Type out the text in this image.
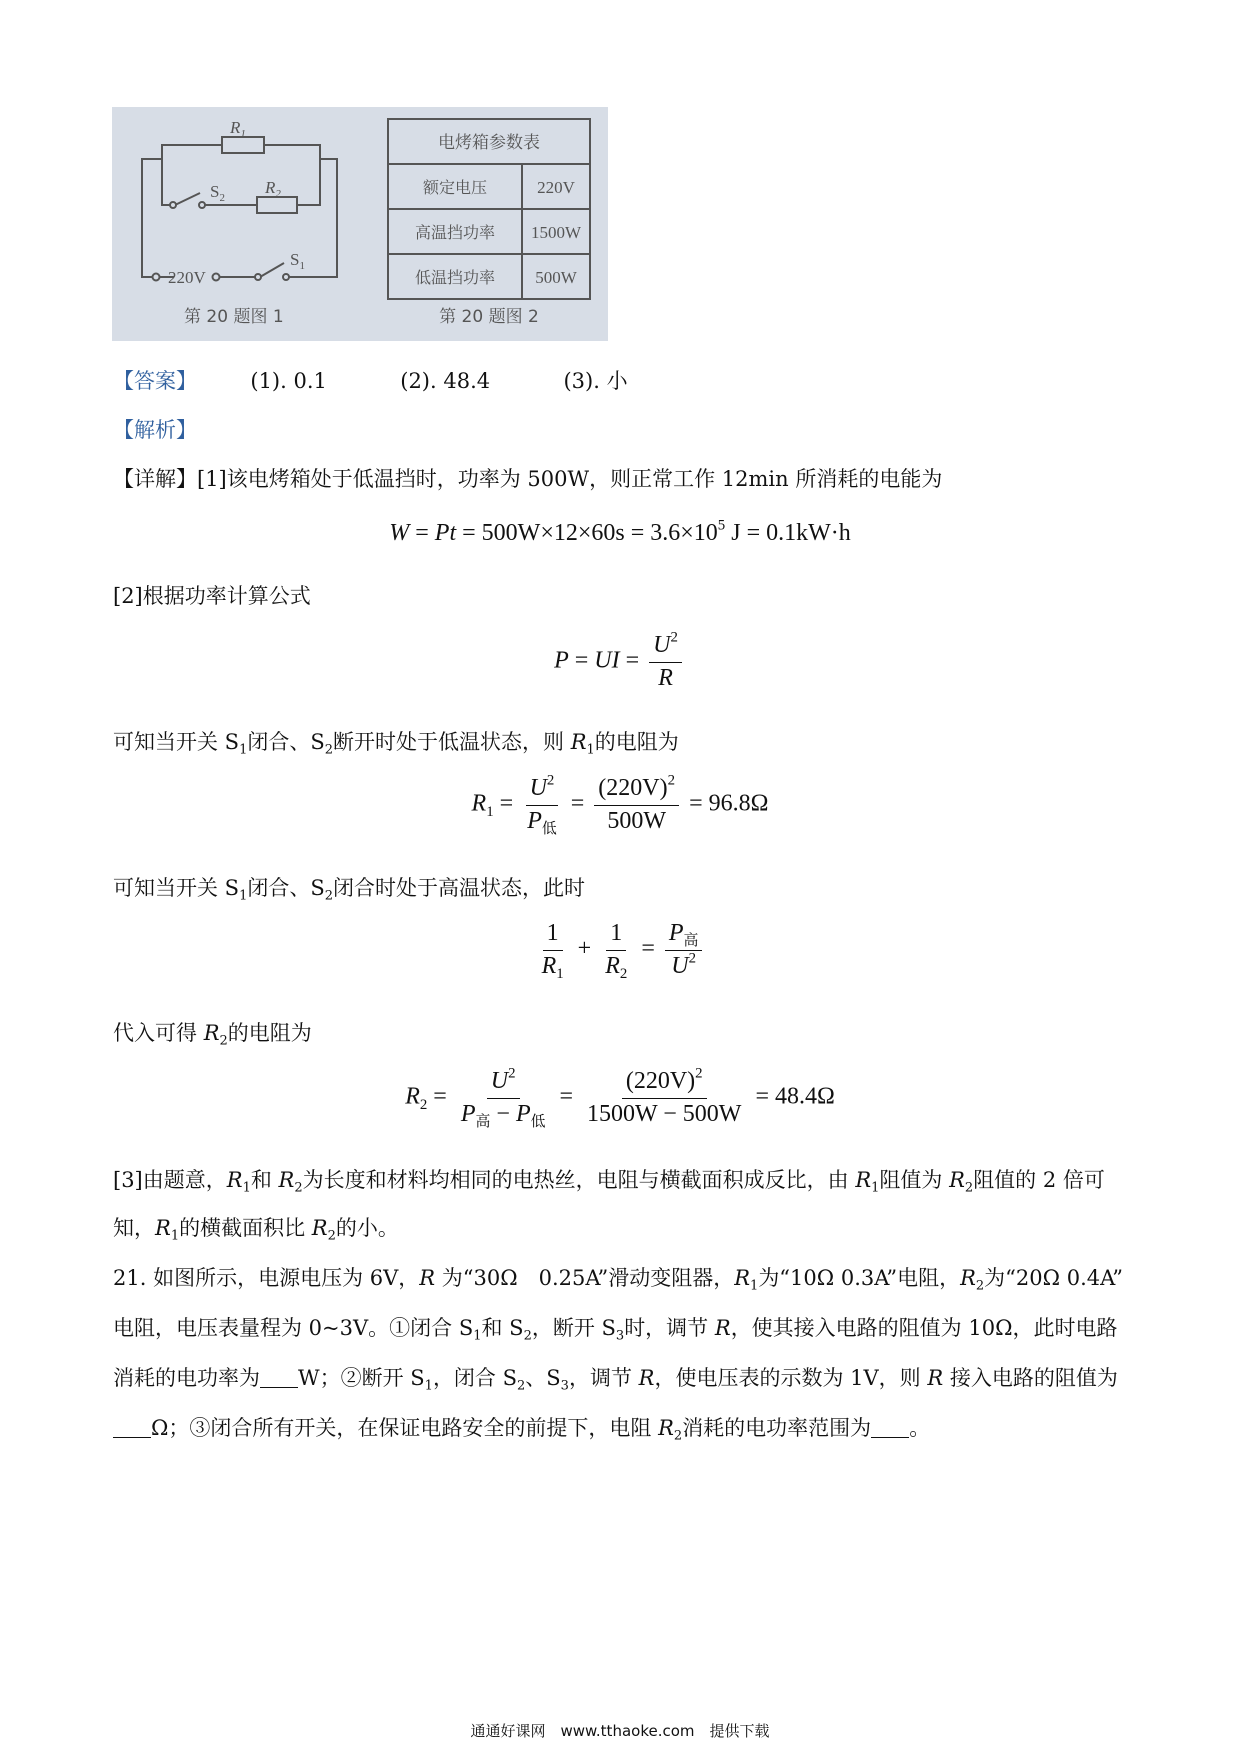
$R_1$
$R_2$
$S_2$
$S_1$
220V
第 20 题图 1
电烤箱参数表
额定电压	220V
高温挡功率 1500W
低温挡功率 500W
第 20 题图 2
【答案】	(1). 0.1	(2). 48.4	(3). 小
【解析】
【详解】[1]该电烤箱处于低温挡时，功率为 500W，则正常工作 12min 所消耗的电能为
$W = Pt = 500W\times 12\times 60s = 3.6\times 10^5$ J = 0.1kW·h
[2]根据功率计算公式
P = UI = $\frac{U^2}{R}$
可知当开关 $S_1$闭合、$S_2$断开时处于低温状态，则 $R_1$的电阻为
$R_1 = \frac{U^2}{P_低} = \frac{(220V)^2}{500W} = 96.8\Omega$
可知当开关 $S_1$闭合、$S_2$闭合时处于高温状态，此时
$\frac{1}{R_1} + \frac{1}{R_2} = \frac{P_高}{U^2}$
代入可得 $R_2$的电阻为
$R_2 = \frac{U^2}{P_高 - P_低} = \frac{(220V)^2}{1500W - 500W} = 48.4\Omega$
[3]由题意，$R_1$和 $R_2$为长度和材料均相同的电热丝，电阻与横截面积成反比，由 $R_1$阻值为 $R_2$阻值的 2 倍可
知，$R_1$的横截面积比 $R_2$的小。
21. 如图所示，电源电压为 6V，R 为“30Ω　0.25A”滑动变阻器，$R_1$为“10Ω 0.3A”电阻，$R_2$为“20Ω 0.4A”
电阻，电压表量程为 0~3V。①闭合 $S_1$和 $S_2$，断开 $S_3$时，调节 R，使其接入电路的阻值为 10Ω，此时电路
消耗的电功率为 W；②断开 $S_1$，闭合 $S_2$、$S_3$，调节 R，使电压表的示数为 1V，则 R 接入电路的阻值为
Ω；③闭合所有开关，在保证电路安全的前提下，电阻 $R_2$消耗的电功率范围为 。
通通好课网　www.tthaoke.com　提供下载
